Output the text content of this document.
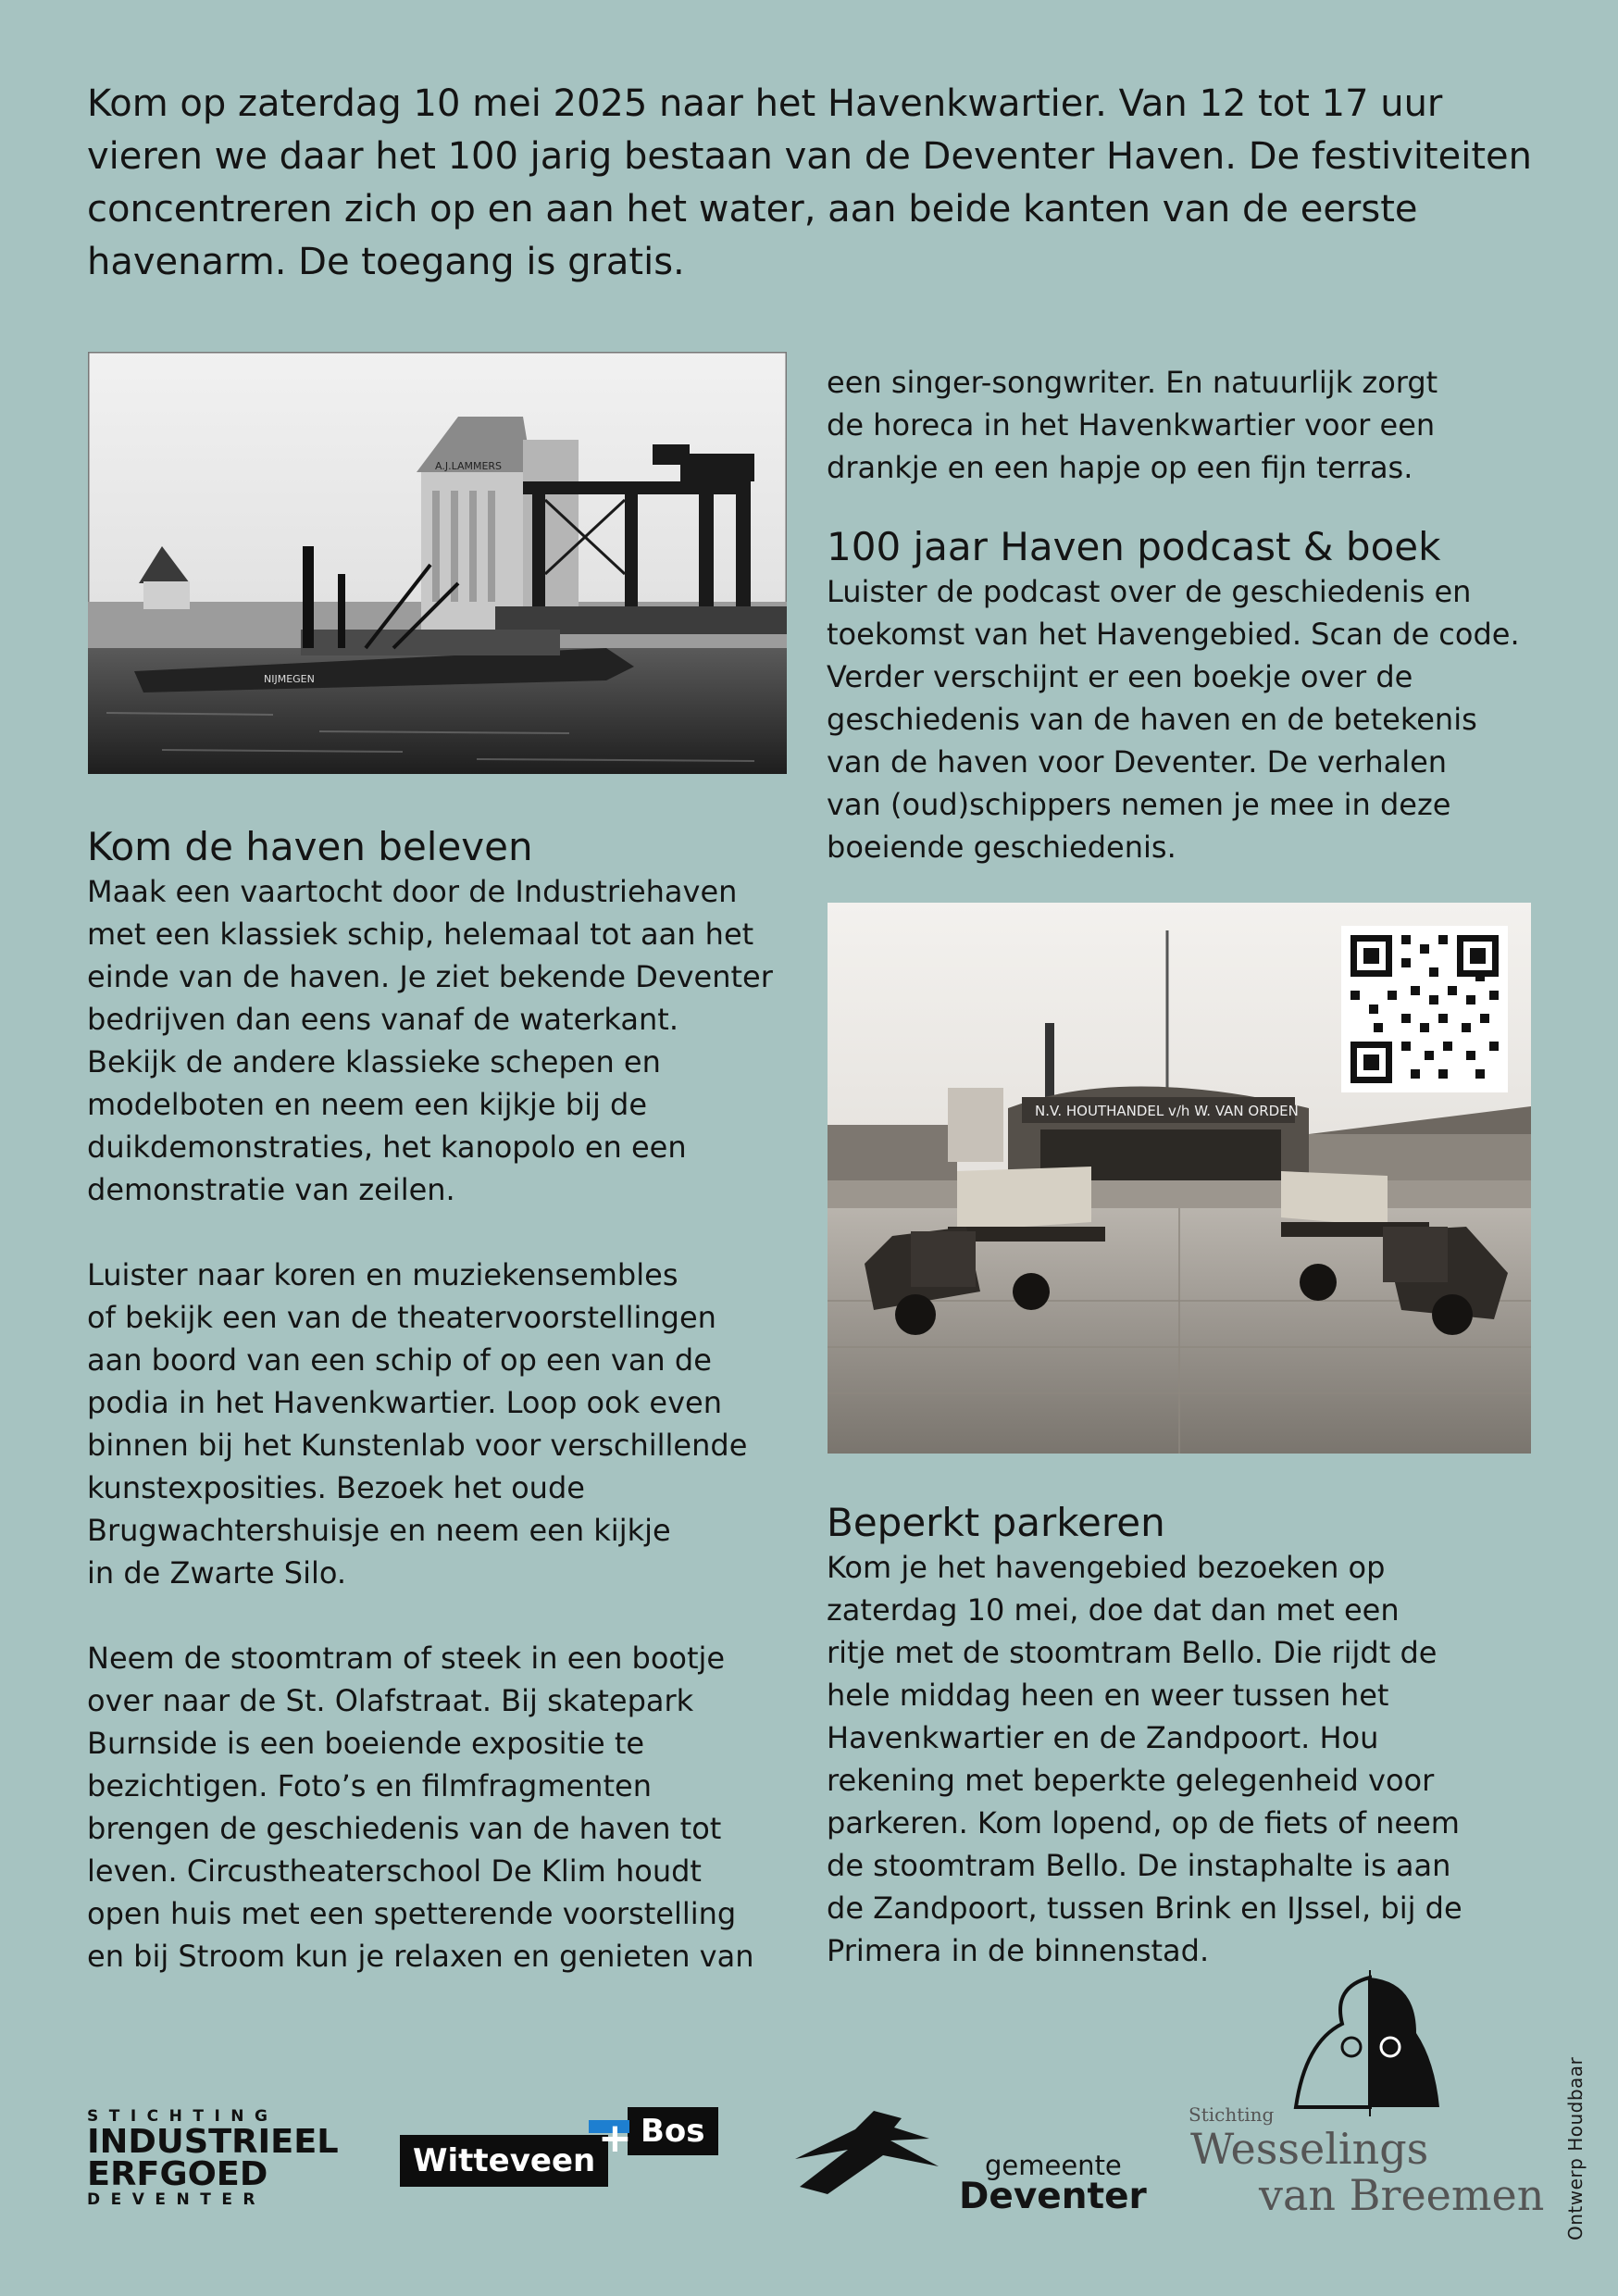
Kom op zaterdag 10 mei 2025 naar het Havenkwartier. Van 12 tot 17 uur vieren we daar het 100 jarig bestaan van de Deventer Haven. De festiviteiten concentreren zich op en aan het water, aan beide kanten van de eerste havenarm. De toegang is gratis.

A.J.LAMMERS
NIJMEGEN
Kom de haven beleven

Maak een vaartocht door de Industriehaven
met een klassiek schip, helemaal tot aan het
einde van de haven. Je ziet bekende Deventer
bedrijven dan eens vanaf de waterkant.
Bekijk de andere klassieke schepen en
modelboten en neem een kijkje bij de
duikdemonstraties, het kanopolo en een
demonstratie van zeilen.

Luister naar koren en muziekensembles
of bekijk een van de theatervoorstellingen
aan boord van een schip of op een van de
podia in het Havenkwartier. Loop ook even
binnen bij het Kunstenlab voor verschillende
kunstexposities. Bezoek het oude
Brugwachtershuisje en neem een kijkje
in de Zwarte Silo.

Neem de stoomtram of steek in een bootje
over naar de St. Olafstraat. Bij skatepark
Burnside is een boeiende expositie te
bezichtigen. Foto’s en filmfragmenten
brengen de geschiedenis van de haven tot
leven. Circustheaterschool De Klim houdt
open huis met een spetterende voorstelling
en bij Stroom kun je relaxen en genieten van

een singer-songwriter. En natuurlijk zorgt
de horeca in het Havenkwartier voor een
drankje en een hapje op een fijn terras.

100 jaar Haven podcast & boek

Luister de podcast over de geschiedenis en
toekomst van het Havengebied. Scan de code.
Verder verschijnt er een boekje over de
geschiedenis van de haven en de betekenis
van de haven voor Deventer. De verhalen
van (oud)schippers nemen je mee in deze
boeiende geschiedenis.

N.V. HOUTHANDEL v/h W. VAN ORDEN
Beperkt parkeren

Kom je het havengebied bezoeken op
zaterdag 10 mei, doe dat dan met een
ritje met de stoomtram Bello. Die rijdt de
hele middag heen en weer tussen het
Havenkwartier en de Zandpoort. Hou
rekening met beperkte gelegenheid voor
parkeren. Kom lopend, op de fiets of neem
de stoomtram Bello. De instaphalte is aan
de Zandpoort, tussen Brink en IJssel, bij de
Primera in de binnenstad.

Ontwerp Houdbaar
STICHTING
INDUSTRIEEL
ERFGOED
DEVENTER
Witteveen
Bos
+
gemeente
Deventer
Stichting
Wesselings
van Breemen
